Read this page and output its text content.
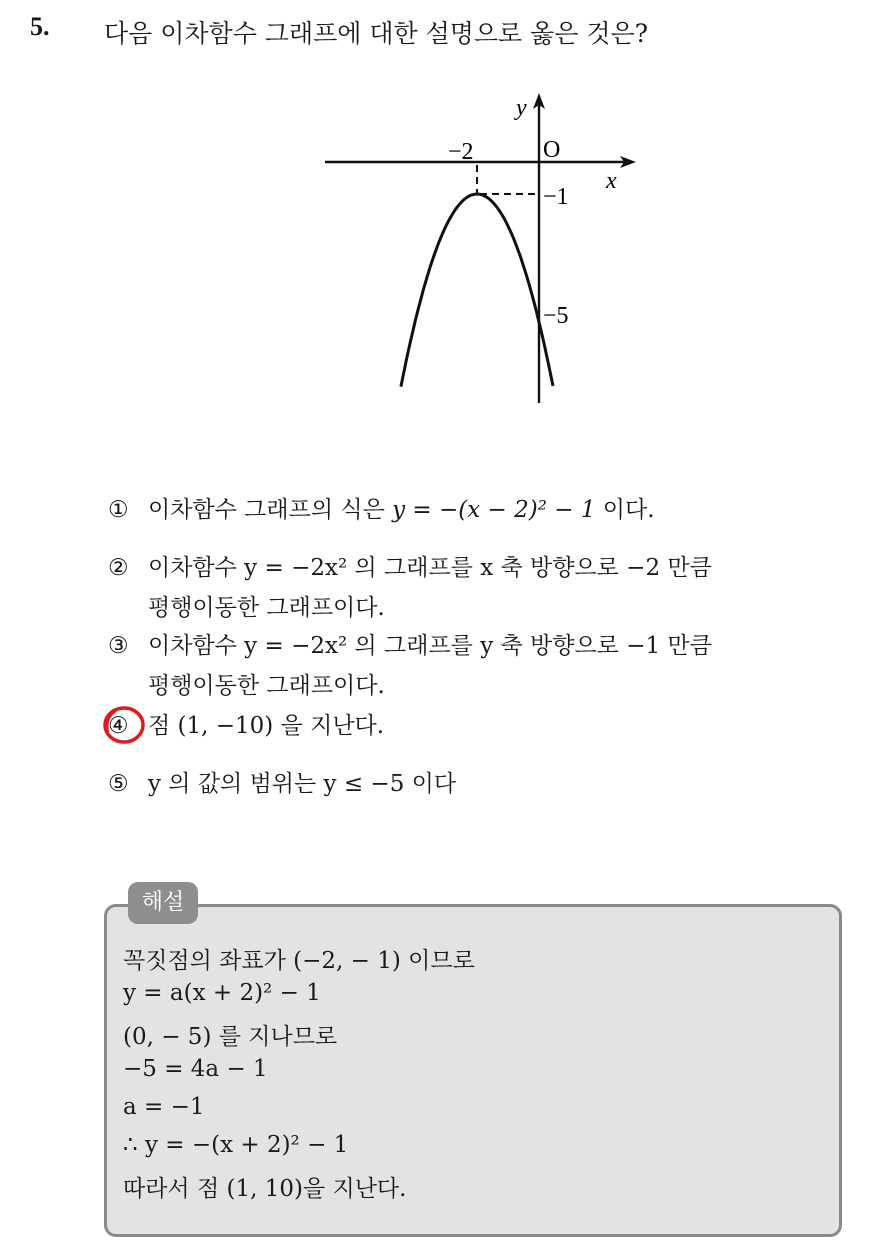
5. 다음 이차함수 그래프에 대한 설명으로 옳은 것은?
y
x
O
−2
−1
−5
① 이차함수 그래프의 식은 y = −(x − 2)² − 1 이다.
② 이차함수 y = −2x² 의 그래프를 x 축 방향으로 −2 만큼
평행이동한 그래프이다.
③ 이차함수 y = −2x² 의 그래프를 y 축 방향으로 −1 만큼
평행이동한 그래프이다.
④ 점 (1, −10) 을 지난다.
⑤ y 의 값의 범위는 y ≤ −5 이다
해설
꼭짓점의 좌표가 (−2, − 1) 이므로
y = a(x + 2)² − 1
(0, − 5) 를 지나므로
−5 = 4a − 1
a = −1
∴ y = −(x + 2)² − 1
따라서 점 (1, 10)을 지난다.
